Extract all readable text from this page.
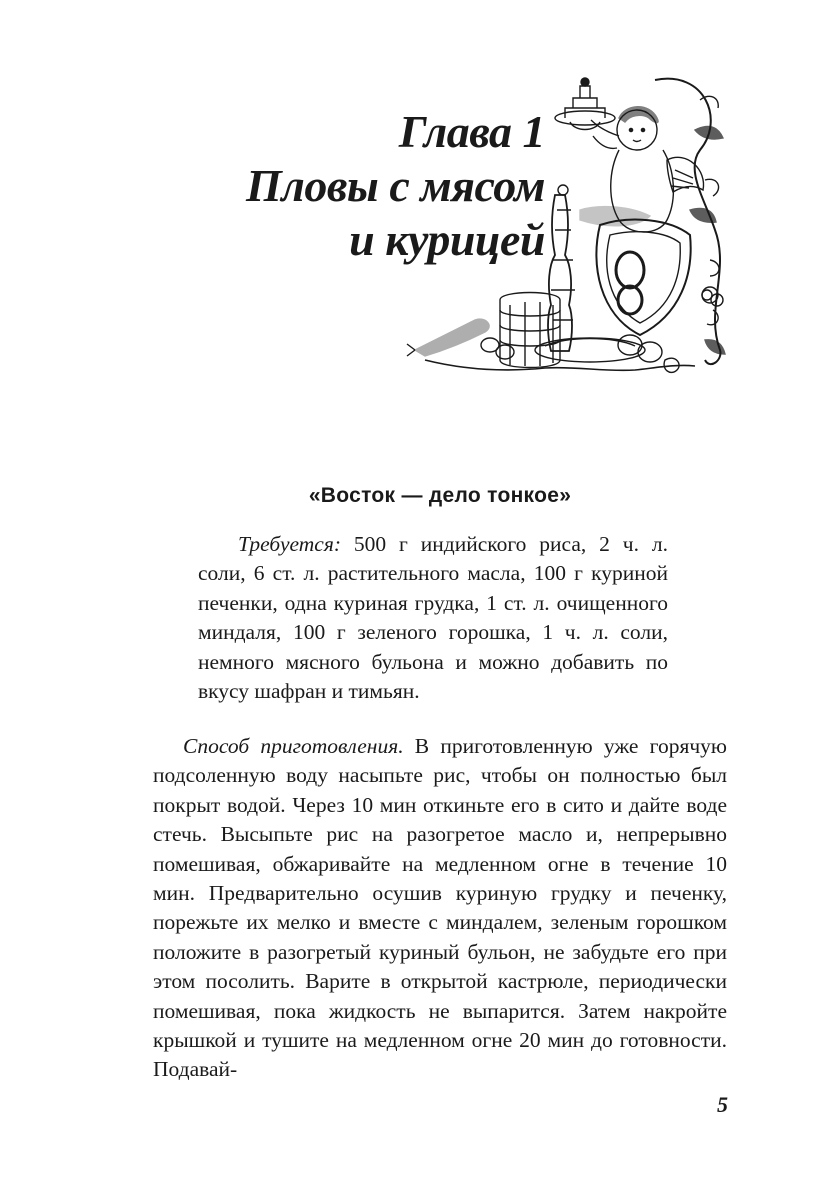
Глава 1
Пловы с мясом
и курицей
«Восток — дело тонкое»

Требуется: 500 г индийского риса, 2 ч. л. соли, 6 ст. л. растительного масла, 100 г куриной печенки, одна куриная грудка, 1 ст. л. очищенного миндаля, 100 г зеленого горошка, 1 ч. л. соли, немного мясного бульона и можно добавить по вкусу шафран и тимьян.

Способ приготовления. В приготовленную уже горячую подсоленную воду насыпьте рис, чтобы он полностью был покрыт водой. Через 10 мин откиньте его в сито и дайте воде стечь. Высыпьте рис на разогретое масло и, непрерывно помешивая, обжаривайте на медленном огне в течение 10 мин. Предварительно осушив куриную грудку и печенку, порежьте их мелко и вместе с миндалем, зеленым горошком положите в разогретый куриный бульон, не забудьте его при этом посолить. Варите в открытой кастрюле, периодически помешивая, пока жидкость не выпарится. Затем накройте крышкой и тушите на медленном огне 20 мин до готовности. Подавай-

5
